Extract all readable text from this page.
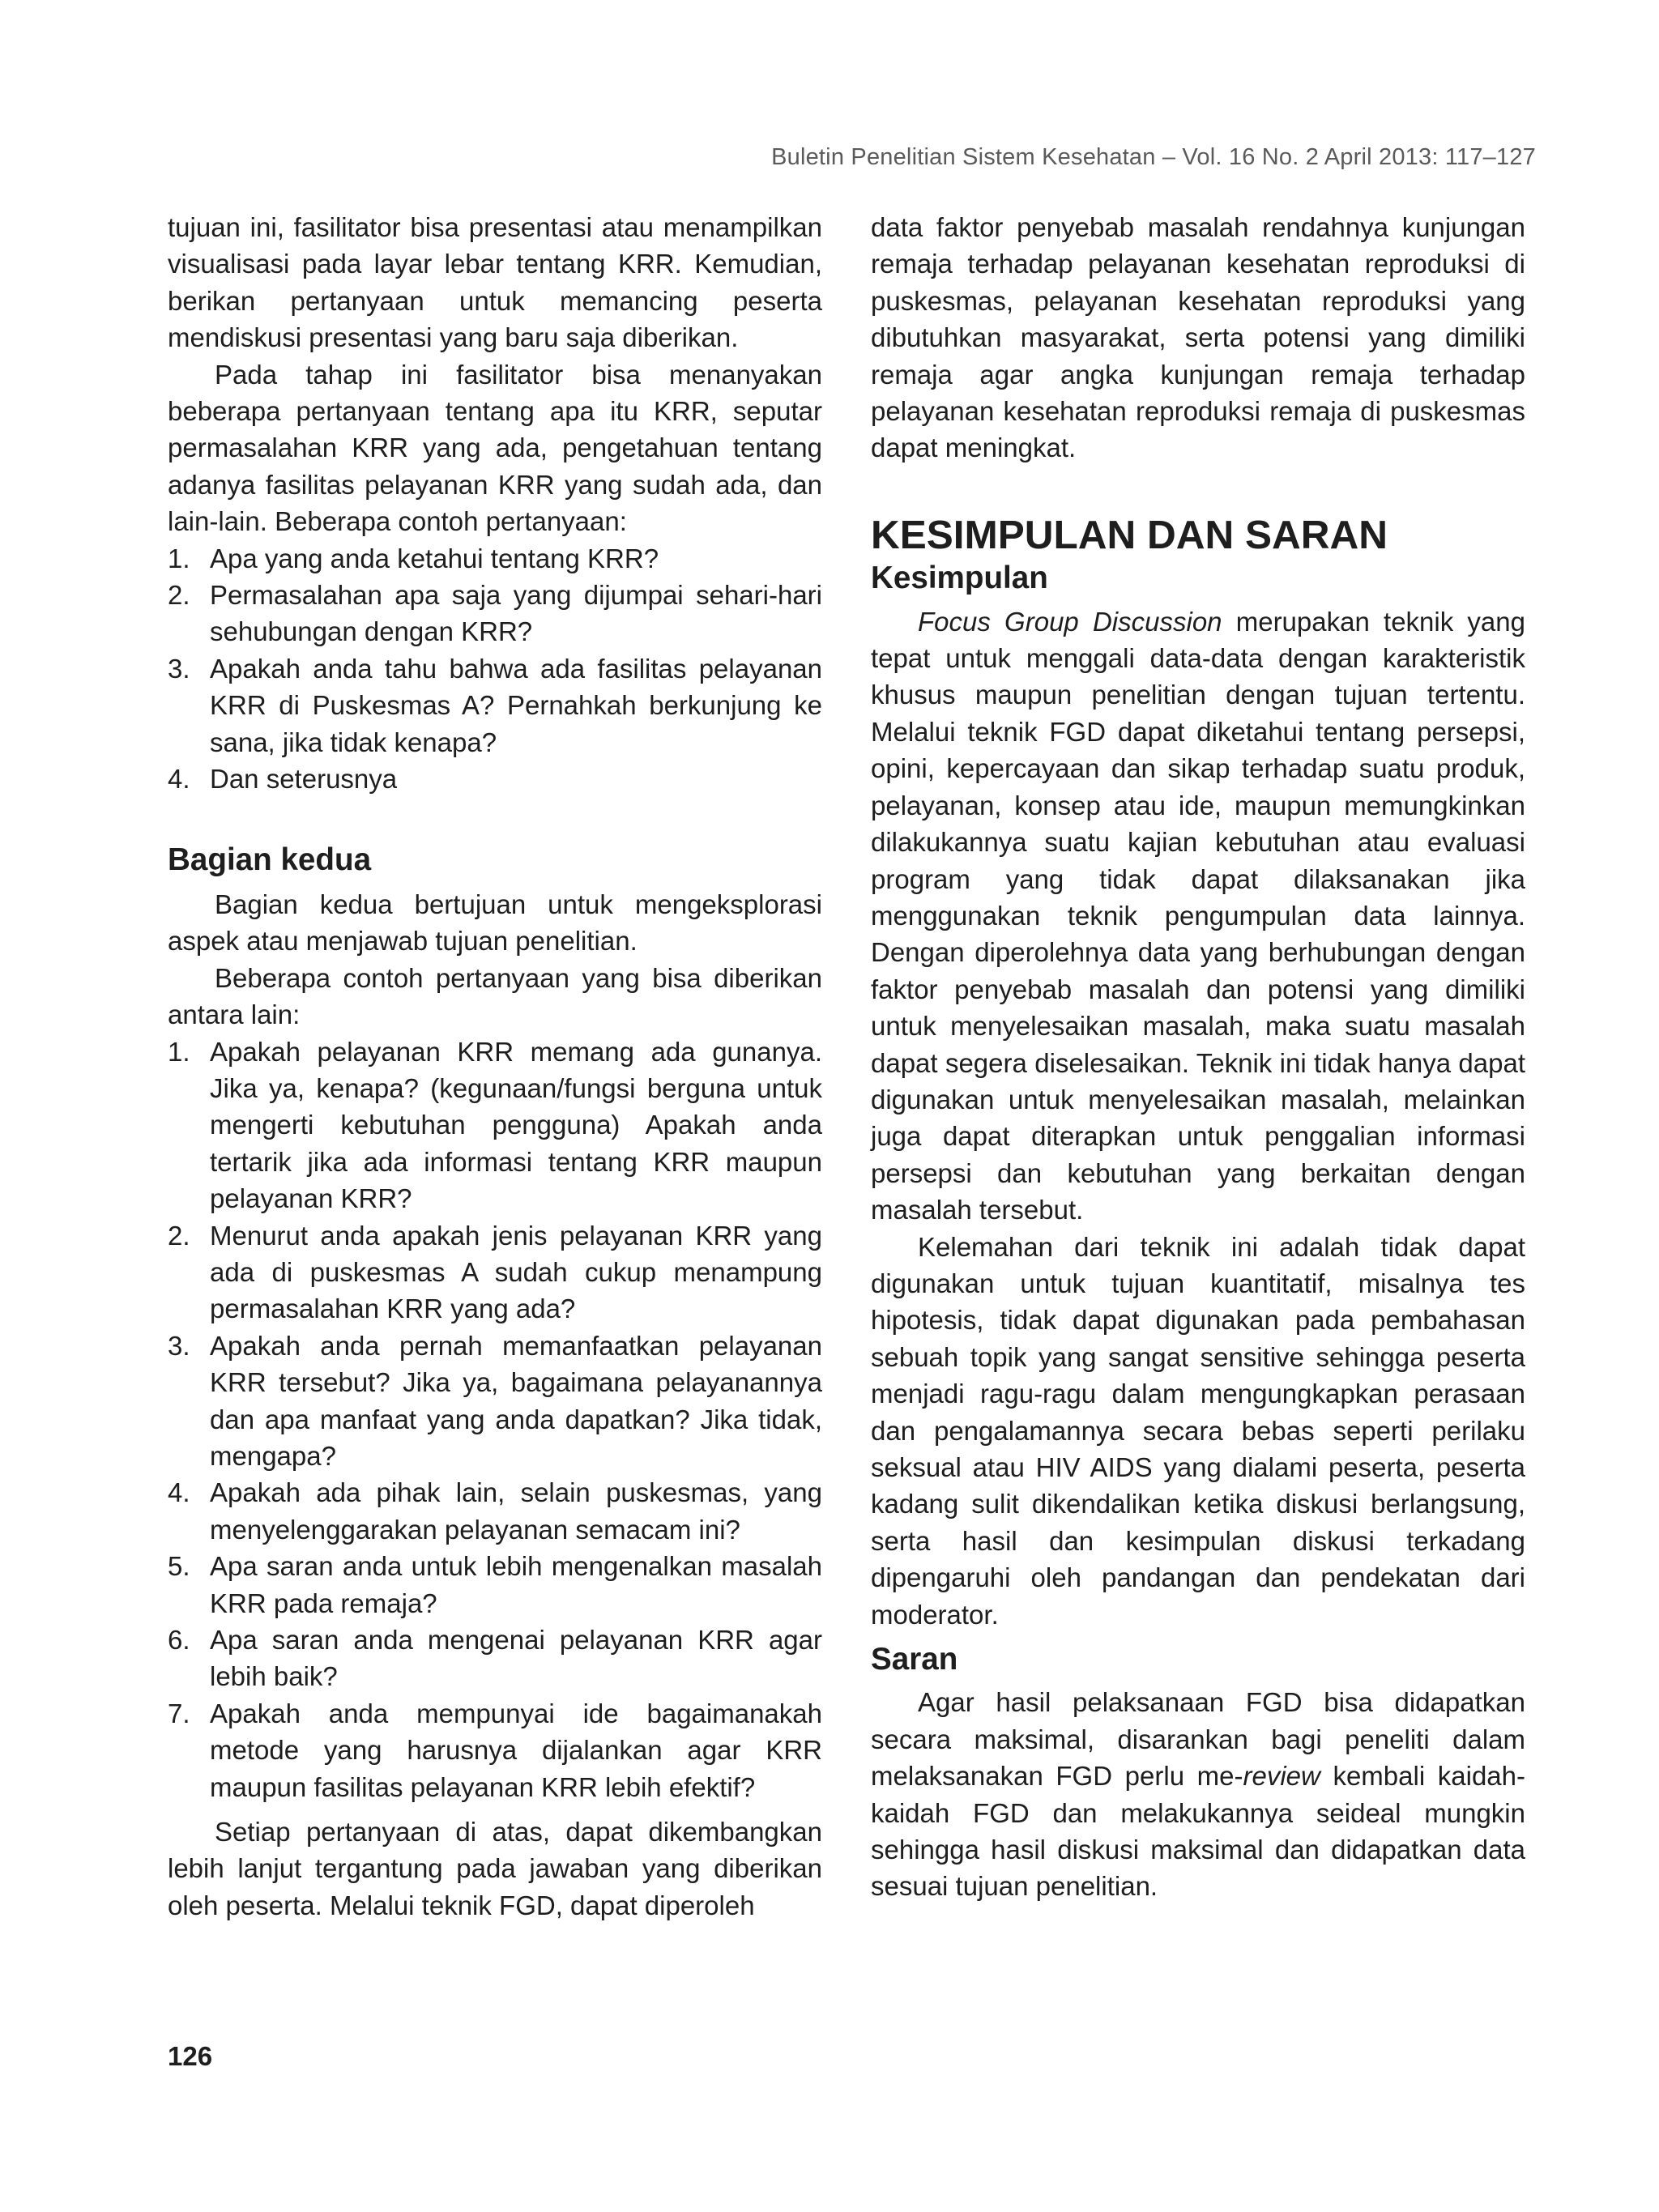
Buletin Penelitian Sistem Kesehatan – Vol. 16 No. 2 April 2013: 117–127

tujuan ini, fasilitator bisa presentasi atau menampilkan visualisasi pada layar lebar tentang KRR. Kemudian, berikan pertanyaan untuk memancing peserta mendiskusi presentasi yang baru saja diberikan.

Pada tahap ini fasilitator bisa menanyakan beberapa pertanyaan tentang apa itu KRR, seputar permasalahan KRR yang ada, pengetahuan tentang adanya fasilitas pelayanan KRR yang sudah ada, dan lain-lain. Beberapa contoh pertanyaan:

1. Apa yang anda ketahui tentang KRR?
2. Permasalahan apa saja yang dijumpai sehari-hari sehubungan dengan KRR?
3. Apakah anda tahu bahwa ada fasilitas pelayanan KRR di Puskesmas A? Pernahkah berkunjung ke sana, jika tidak kenapa?
4. Dan seterusnya
Bagian kedua

Bagian kedua bertujuan untuk mengeksplorasi aspek atau menjawab tujuan penelitian.

Beberapa contoh pertanyaan yang bisa diberikan antara lain:

1. Apakah pelayanan KRR memang ada gunanya. Jika ya, kenapa? (kegunaan/fungsi berguna untuk mengerti kebutuhan pengguna) Apakah anda tertarik jika ada informasi tentang KRR maupun pelayanan KRR?
2. Menurut anda apakah jenis pelayanan KRR yang ada di puskesmas A sudah cukup menampung permasalahan KRR yang ada?
3. Apakah anda pernah memanfaatkan pelayanan KRR tersebut? Jika ya, bagaimana pelayanannya dan apa manfaat yang anda dapatkan? Jika tidak, mengapa?
4. Apakah ada pihak lain, selain puskesmas, yang menyelenggarakan pelayanan semacam ini?
5. Apa saran anda untuk lebih mengenalkan masalah KRR pada remaja?
6. Apa saran anda mengenai pelayanan KRR agar lebih baik?
7. Apakah anda mempunyai ide bagaimanakah metode yang harusnya dijalankan agar KRR maupun fasilitas pelayanan KRR lebih efektif?

Setiap pertanyaan di atas, dapat dikembangkan lebih lanjut tergantung pada jawaban yang diberikan oleh peserta. Melalui teknik FGD, dapat diperoleh

data faktor penyebab masalah rendahnya kunjungan remaja terhadap pelayanan kesehatan reproduksi di puskesmas, pelayanan kesehatan reproduksi yang dibutuhkan masyarakat, serta potensi yang dimiliki remaja agar angka kunjungan remaja terhadap pelayanan kesehatan reproduksi remaja di puskesmas dapat meningkat.

KESIMPULAN DAN SARAN
Kesimpulan

Focus Group Discussion merupakan teknik yang tepat untuk menggali data-data dengan karakteristik khusus maupun penelitian dengan tujuan tertentu. Melalui teknik FGD dapat diketahui tentang persepsi, opini, kepercayaan dan sikap terhadap suatu produk, pelayanan, konsep atau ide, maupun memungkinkan dilakukannya suatu kajian kebutuhan atau evaluasi program yang tidak dapat dilaksanakan jika menggunakan teknik pengumpulan data lainnya. Dengan diperolehnya data yang berhubungan dengan faktor penyebab masalah dan potensi yang dimiliki untuk menyelesaikan masalah, maka suatu masalah dapat segera diselesaikan. Teknik ini tidak hanya dapat digunakan untuk menyelesaikan masalah, melainkan juga dapat diterapkan untuk penggalian informasi persepsi dan kebutuhan yang berkaitan dengan masalah tersebut.

Kelemahan dari teknik ini adalah tidak dapat digunakan untuk tujuan kuantitatif, misalnya tes hipotesis, tidak dapat digunakan pada pembahasan sebuah topik yang sangat sensitive sehingga peserta menjadi ragu-ragu dalam mengungkapkan perasaan dan pengalamannya secara bebas seperti perilaku seksual atau HIV AIDS yang dialami peserta, peserta kadang sulit dikendalikan ketika diskusi berlangsung, serta hasil dan kesimpulan diskusi terkadang dipengaruhi oleh pandangan dan pendekatan dari moderator.

Saran

Agar hasil pelaksanaan FGD bisa didapatkan secara maksimal, disarankan bagi peneliti dalam melaksanakan FGD perlu me-review kembali kaidah-kaidah FGD dan melakukannya seideal mungkin sehingga hasil diskusi maksimal dan didapatkan data sesuai tujuan penelitian.

126
